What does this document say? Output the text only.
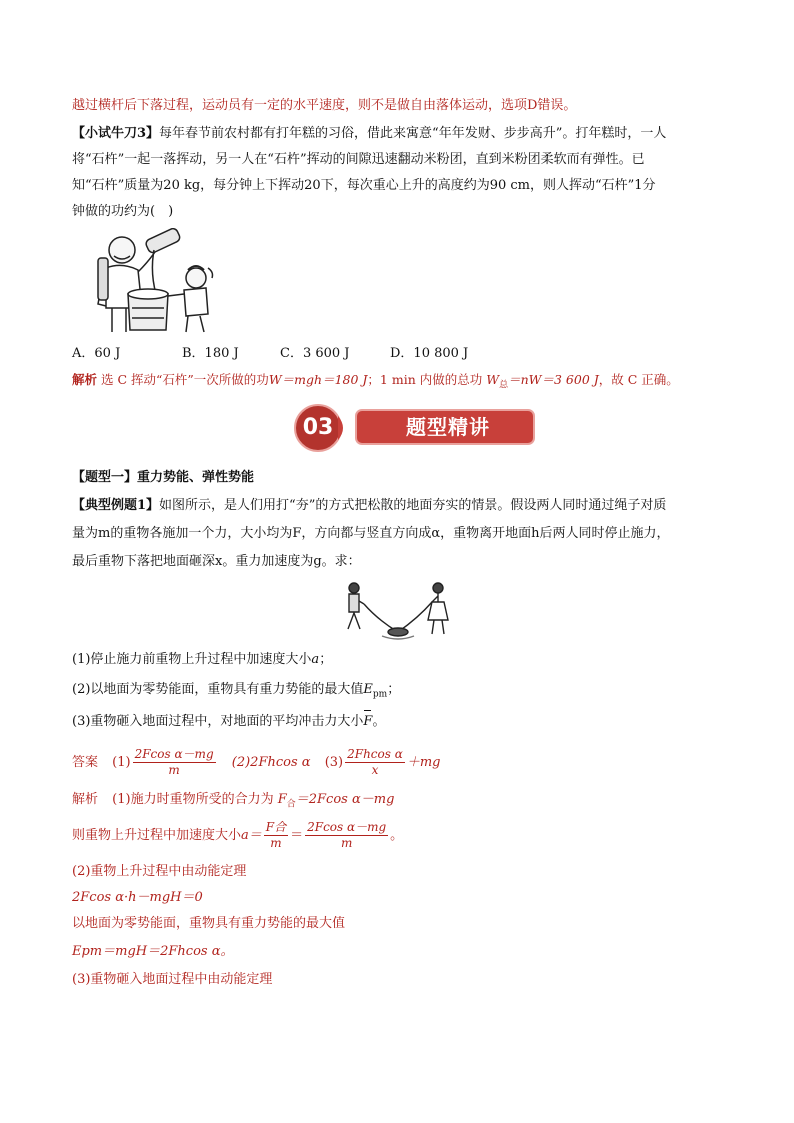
越过横杆后下落过程，运动员有一定的水平速度，则不是做自由落体运动，选项D错误。
【小试牛刀3】每年春节前农村都有打年糕的习俗，借此来寓意“年年发财、步步高升”。打年糕时，一人
将“石杵”一起一落挥动，另一人在“石杵”挥动的间隙迅速翻动米粉团，直到米粉团柔软而有弹性。已
知“石杵”质量为20 kg，每分钟上下挥动20下，每次重心上升的高度约为90 cm，则人挥动“石杵”1分
钟做的功约为(　)
A．60 J	B．180 J	C．3 600 J	D．10 800 J
解析 选 C 挥动“石杵”一次所做的功W＝mgh＝180 J；1 min 内做的总功 $W_总=nW=3$ 600 J，故 C 正确。
03	题型精讲
【题型一】重力势能、弹性势能
【典型例题1】如图所示，是人们用打“夯”的方式把松散的地面夯实的情景。假设两人同时通过绳子对质
量为m的重物各施加一个力，大小均为F，方向都与竖直方向成α，重物离开地面h后两人同时停止施力，
最后重物下落把地面砸深x。重力加速度为g。求：
(1)停止施力前重物上升过程中加速度大小a；
(2)以地面为零势能面，重物具有重力势能的最大值$E_{pm}$；
(3)重物砸入地面过程中，对地面的平均冲击力大小F。
答案 $(1) \frac{\text{2Fcos α－mg}}{m} (2)2Fhcos$ α $(3) \frac{\text{2Fhcos α}}{x} +mg$
解析 (1)施力时重物所受的合力为 $F_合=2Fcos$ α－mg
则重物上升过程中加速度大小$a= \frac{\text{F合}}{m} = \frac{\text{2Fcos α－mg}}{m}$ 。
(2)重物上升过程中由动能定理
2Fcos α·h－mgH＝0
以地面为零势能面，重物具有重力势能的最大值
Epm＝mgH＝2Fhcos α。
(3)重物砸入地面过程中由动能定理
